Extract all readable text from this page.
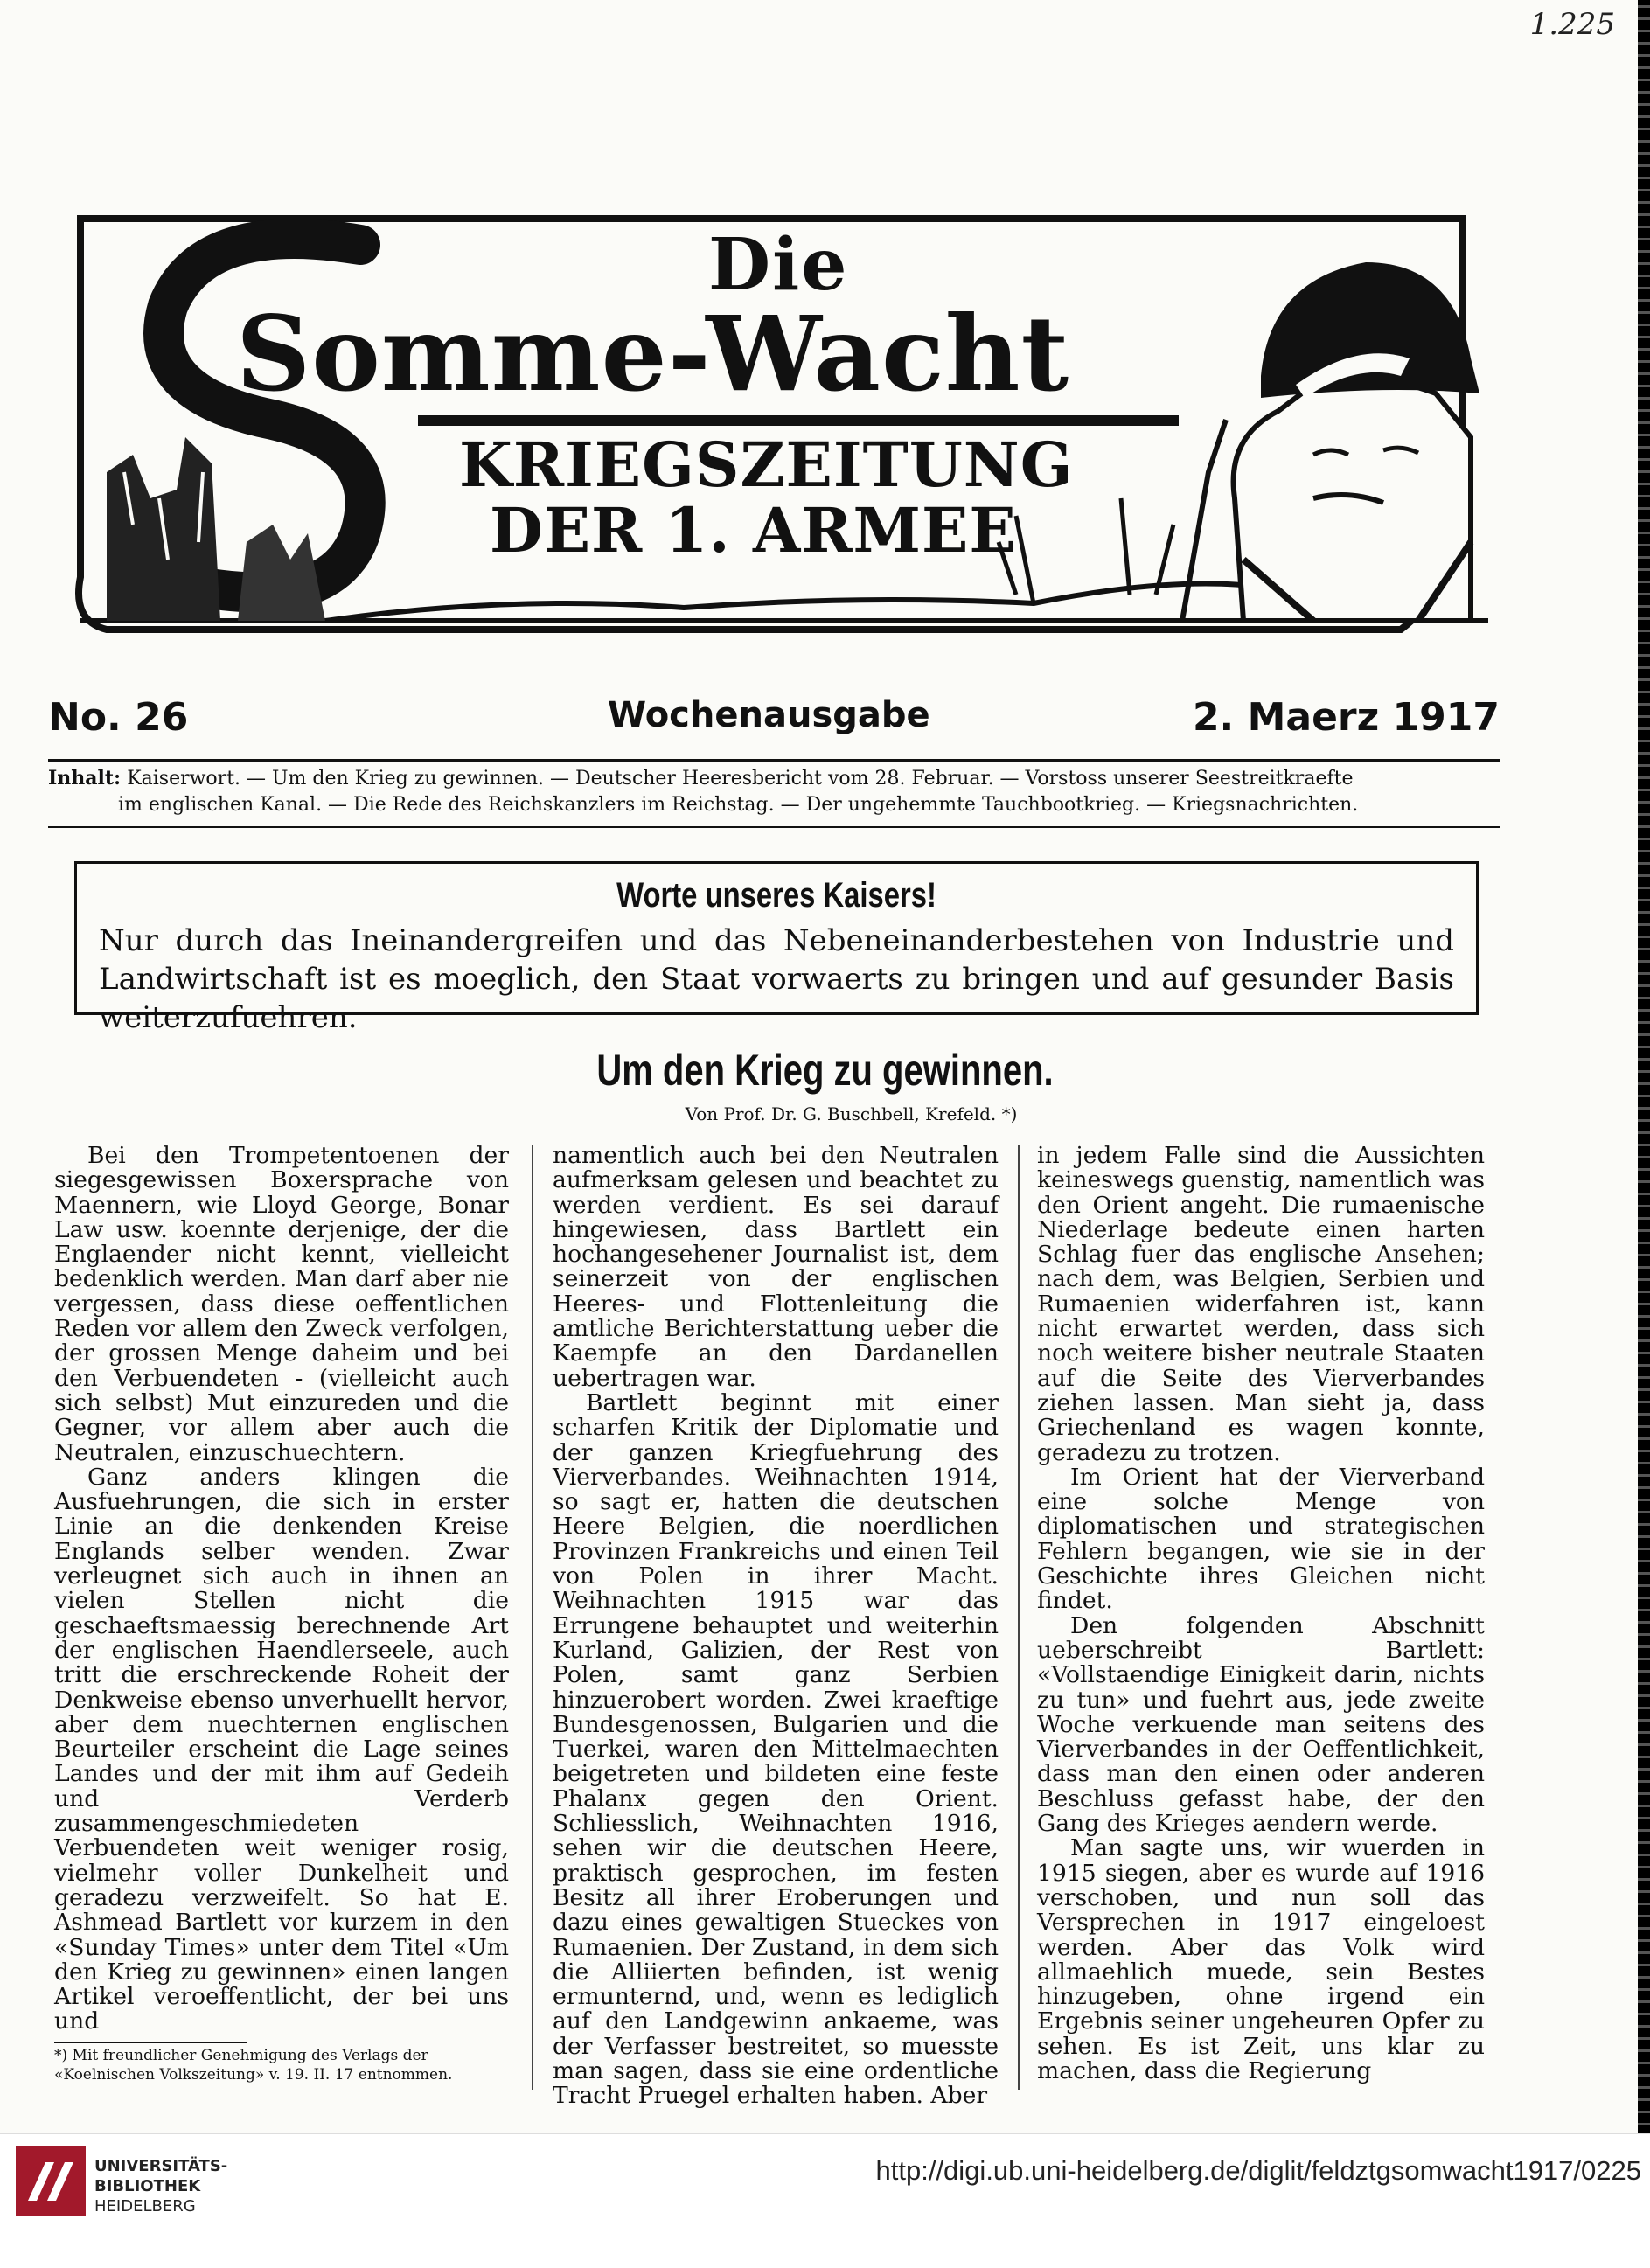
1.225
Die
Somme-Wacht
KRIEGSZEITUNG
DER 1. ARMEE
No. 26	Wochenausgabe	2. Maerz 1917
Inhalt: Kaiserwort. — Um den Krieg zu gewinnen. — Deutscher Heeresbericht vom 28. Februar. — Vorstoss unserer Seestreitkraefte
im englischen Kanal. — Die Rede des Reichskanzlers im Reichstag. — Der ungehemmte Tauchbootkrieg. — Kriegsnachrichten.
Worte unseres Kaisers!
Nur durch das Ineinandergreifen und das Nebeneinanderbestehen von Industrie und Landwirtschaft ist es moeglich, den Staat vorwaerts zu bringen und auf gesunder Basis weiterzufuehren.
Um den Krieg zu gewinnen.
Von Prof. Dr. G. Buschbell, Krefeld. *)

Bei den Trompetentoenen der siegesgewissen Boxersprache von Maennern, wie Lloyd George, Bonar Law usw. koennte derjenige, der die Englaender nicht kennt, vielleicht bedenklich werden. Man darf aber nie vergessen, dass diese oeffentlichen Reden vor allem den Zweck verfolgen, der grossen Menge daheim und bei den Verbuendeten - (vielleicht auch sich selbst) Mut einzureden und die Gegner, vor allem aber auch die Neutralen, einzuschuechtern.

Ganz anders klingen die Ausfuehrungen, die sich in erster Linie an die denkenden Kreise Englands selber wenden. Zwar verleugnet sich auch in ihnen an vielen Stellen nicht die geschaeftsmaessig berechnende Art der englischen Haendlerseele, auch tritt die erschreckende Roheit der Denkweise ebenso unverhuellt hervor, aber dem nuechternen englischen Beurteiler erscheint die Lage seines Landes und der mit ihm auf Gedeih und Verderb zusammengeschmiedeten Verbuendeten weit weniger rosig, vielmehr voller Dunkelheit und geradezu verzweifelt. So hat E. Ashmead Bartlett vor kurzem in den «Sunday Times» unter dem Titel «Um den Krieg zu gewinnen» einen langen Artikel veroeffentlicht, der bei uns und

namentlich auch bei den Neutralen aufmerksam gelesen und beachtet zu werden verdient. Es sei darauf hingewiesen, dass Bartlett ein hochangesehener Journalist ist, dem seinerzeit von der englischen Heeres- und Flottenleitung die amtliche Berichterstattung ueber die Kaempfe an den Dardanellen uebertragen war.

Bartlett beginnt mit einer scharfen Kritik der Diplomatie und der ganzen Kriegfuehrung des Vierverbandes. Weihnachten 1914, so sagt er, hatten die deutschen Heere Belgien, die noerdlichen Provinzen Frankreichs und einen Teil von Polen in ihrer Macht. Weihnachten 1915 war das Errungene behauptet und weiterhin Kurland, Galizien, der Rest von Polen, samt ganz Serbien hinzuerobert worden. Zwei kraeftige Bundesgenossen, Bulgarien und die Tuerkei, waren den Mittelmaechten beigetreten und bildeten eine feste Phalanx gegen den Orient. Schliesslich, Weihnachten 1916, sehen wir die deutschen Heere, praktisch gesprochen, im festen Besitz all ihrer Eroberungen und dazu eines gewaltigen Stueckes von Rumaenien. Der Zustand, in dem sich die Alliierten befinden, ist wenig ermunternd, und, wenn es lediglich auf den Landgewinn ankaeme, was der Verfasser bestreitet, so muesste man sagen, dass sie eine ordentliche Tracht Pruegel erhalten haben. Aber

in jedem Falle sind die Aussichten keineswegs guenstig, namentlich was den Orient angeht. Die rumaenische Niederlage bedeute einen harten Schlag fuer das englische Ansehen; nach dem, was Belgien, Serbien und Rumaenien widerfahren ist, kann nicht erwartet werden, dass sich noch weitere bisher neutrale Staaten auf die Seite des Vierverbandes ziehen lassen. Man sieht ja, dass Griechenland es wagen konnte, geradezu zu trotzen.

Im Orient hat der Vierverband eine solche Menge von diplomatischen und strategischen Fehlern begangen, wie sie in der Geschichte ihres Gleichen nicht findet.

Den folgenden Abschnitt ueberschreibt Bartlett: «Vollstaendige Einigkeit darin, nichts zu tun» und fuehrt aus, jede zweite Woche verkuende man seitens des Vierverbandes in der Oeffentlichkeit, dass man den einen oder anderen Beschluss gefasst habe, der den Gang des Krieges aendern werde.

Man sagte uns, wir wuerden in 1915 siegen, aber es wurde auf 1916 verschoben, und nun soll das Versprechen in 1917 eingeloest werden. Aber das Volk wird allmaehlich muede, sein Bestes hinzugeben, ohne irgend ein Ergebnis seiner ungeheuren Opfer zu sehen. Es ist Zeit, uns klar zu machen, dass die Regierung

*) Mit freundlicher Genehmigung des Verlags der «Koelnischen Volkszeitung» v. 19. II. 17 entnommen.
UNIVERSITÄTS-
BIBLIOTHEK
HEIDELBERG
http://digi.ub.uni-heidelberg.de/diglit/feldztgsomwacht1917/0225
